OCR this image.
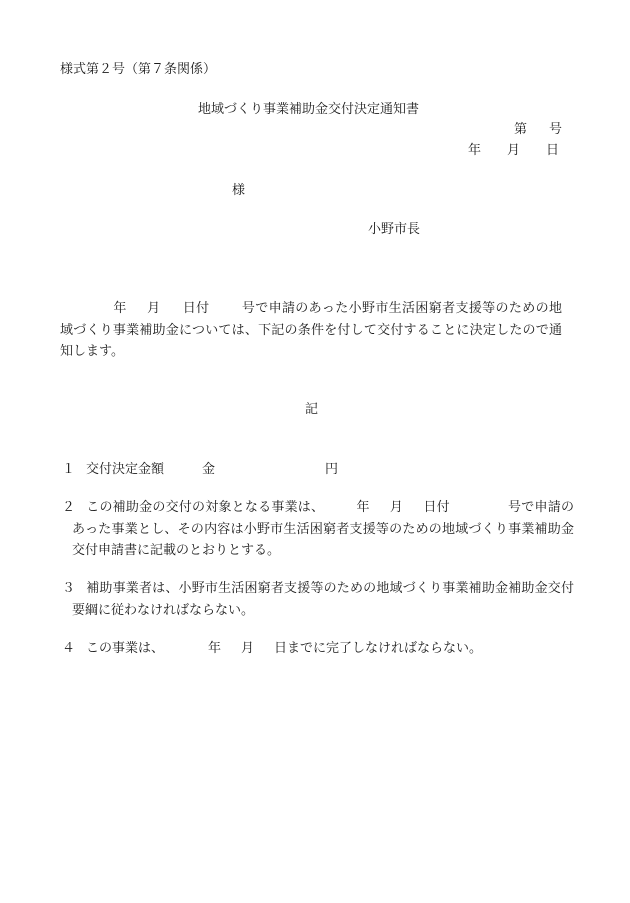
様式第２号（第７条関係）

地域づくり事業補助金交付決定通知書

第 号

年 月 日

様

小野市長

年 月 日付 号で申請のあった小野市生活困窮者支援等のための地域づくり事業補助金については、下記の条件を付して交付することに決定したので通知します。

記

１ 交付決定金額	金	円

２ この補助金の交付の対象となる事業は、 年 月 日付	号で申請のあった事業とし、その内容は小野市生活困窮者支援等のための地域づくり事業補助金交付申請書に記載のとおりとする。

３ 補助事業者は、小野市生活困窮者支援等のための地域づくり事業補助金補助金交付要綱に従わなければならない。

４ この事業は、	年 月 日までに完了しなければならない。
